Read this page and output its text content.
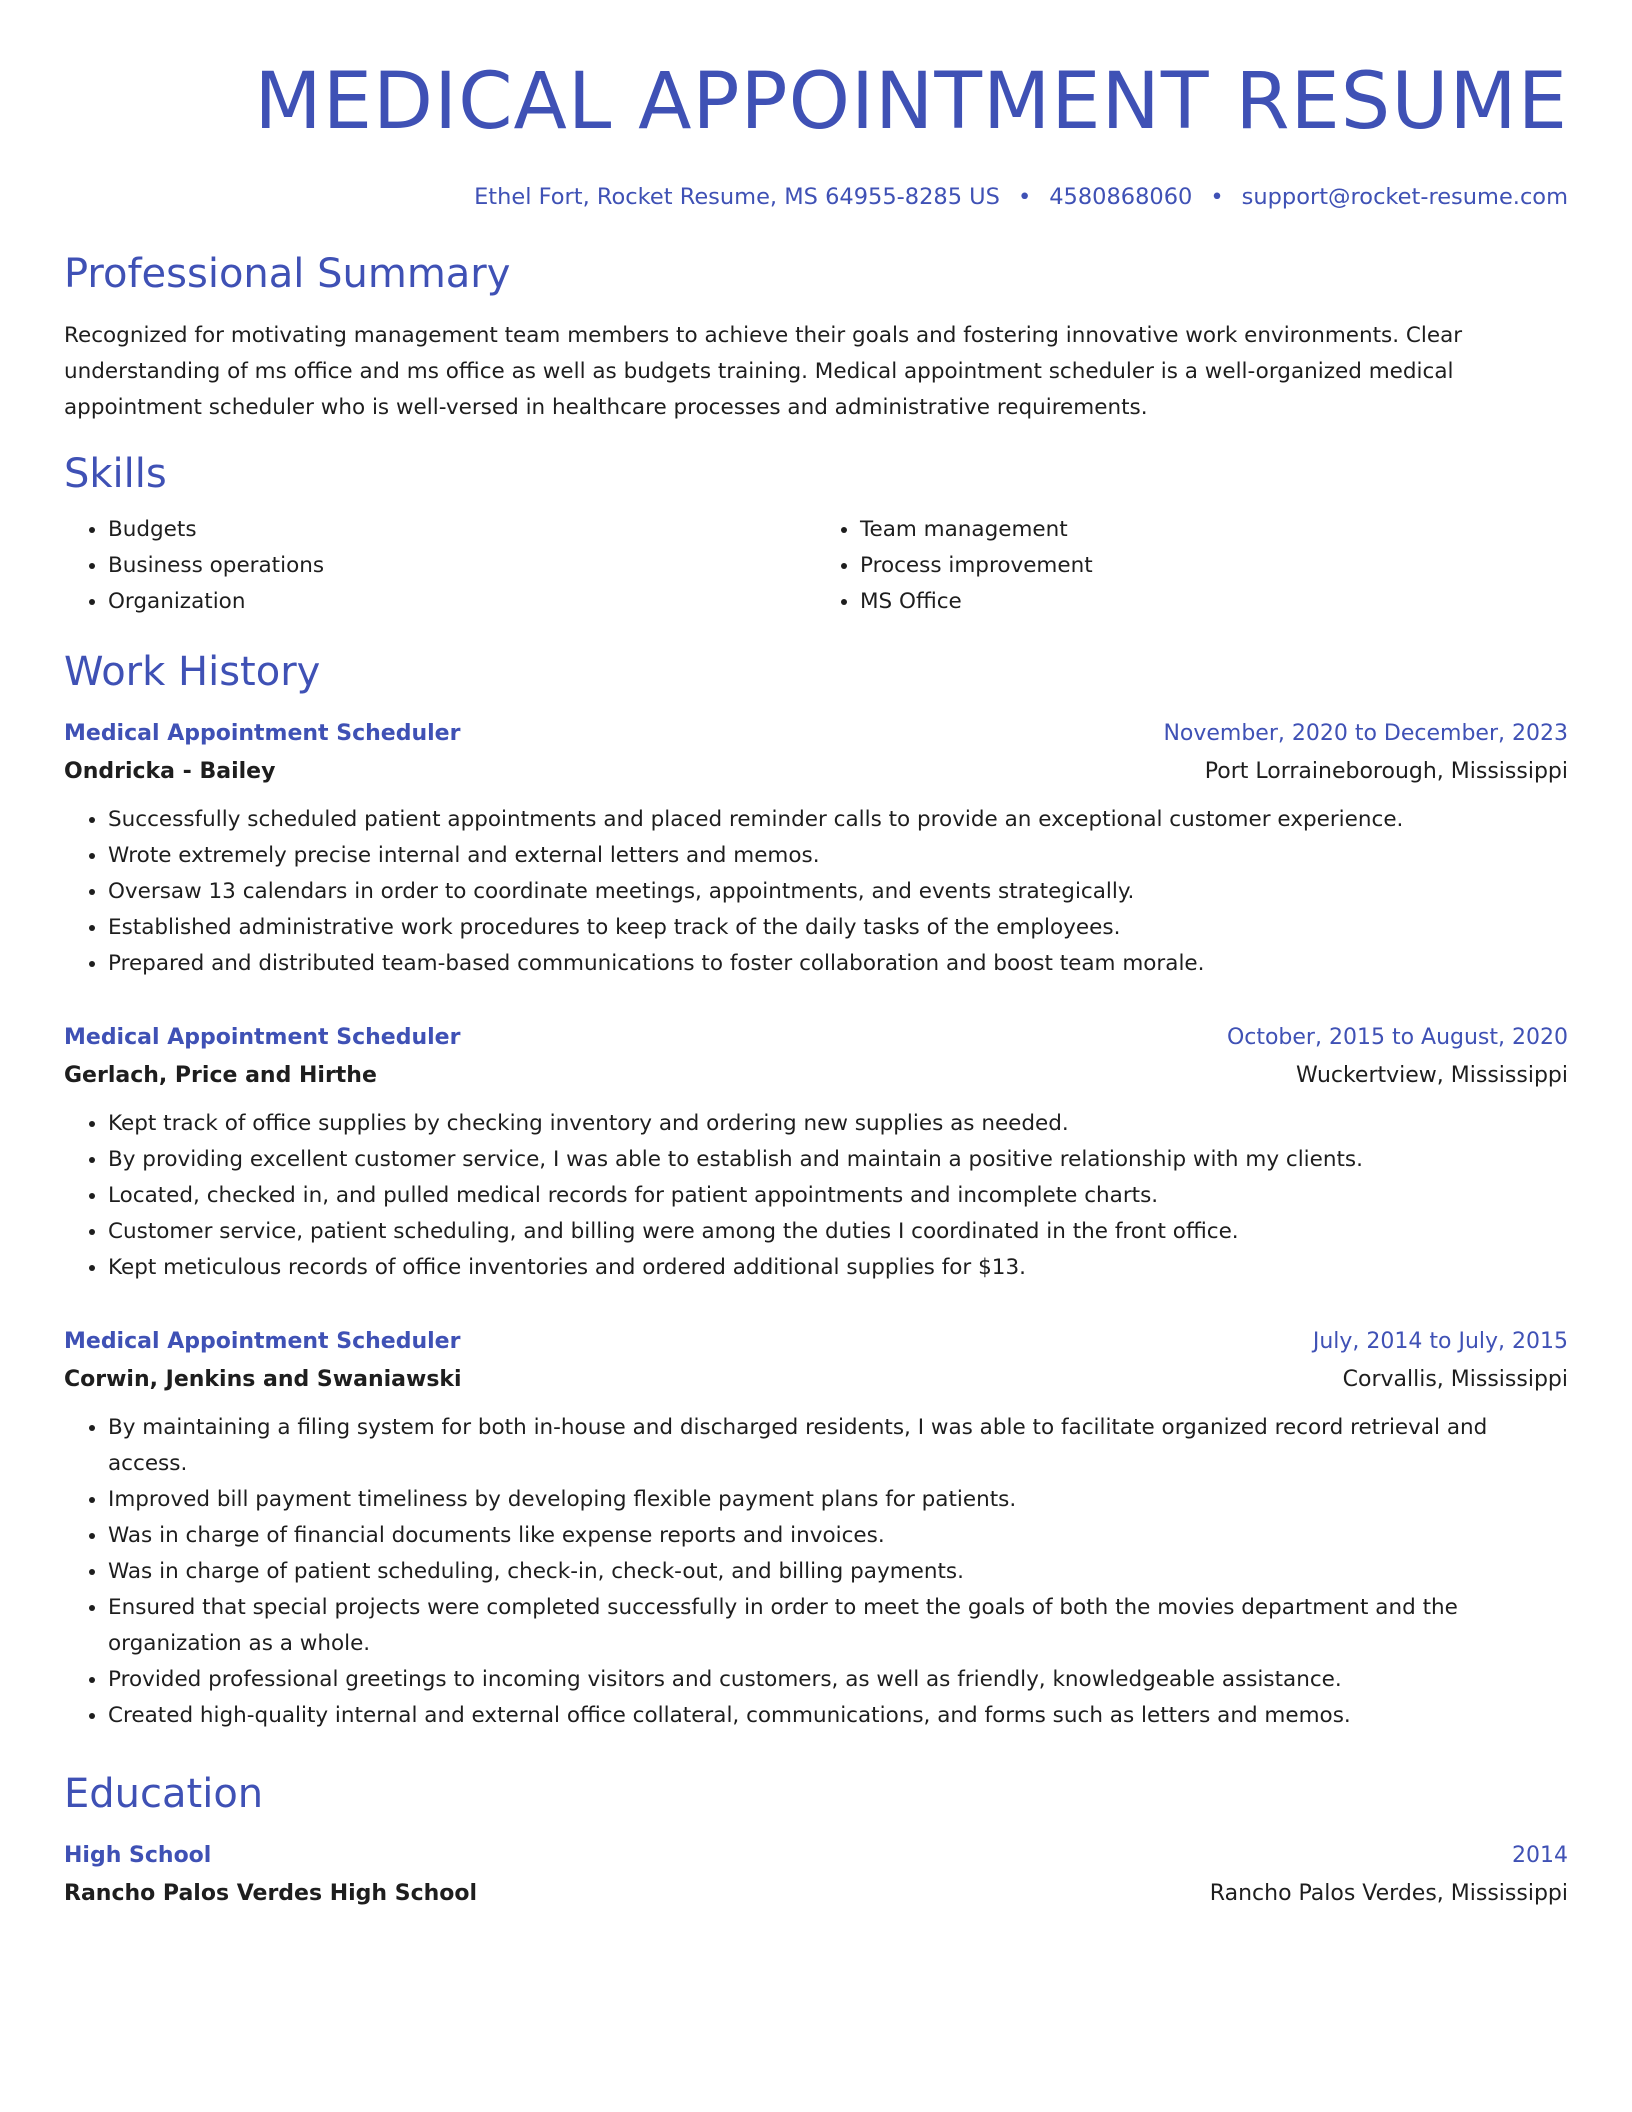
MEDICAL APPOINTMENT RESUME
Ethel Fort, Rocket Resume, MS 64955-8285 US • 4580868060 • support@rocket-resume.com
Professional Summary

Recognized for motivating management team members to achieve their goals and fostering innovative work environments. Clear understanding of ms office and ms office as well as budgets training. Medical appointment scheduler is a well-organized medical appointment scheduler who is well-versed in healthcare processes and administrative requirements.

Skills
• Budgets
• Business operations
• Organization
• Team management
• Process improvement
• MS Office
Work History
Medical Appointment Scheduler	November, 2020 to December, 2023
Ondricka - Bailey	Port Lorraineborough, Mississippi
• Successfully scheduled patient appointments and placed reminder calls to provide an exceptional customer experience.
• Wrote extremely precise internal and external letters and memos.
• Oversaw 13 calendars in order to coordinate meetings, appointments, and events strategically.
• Established administrative work procedures to keep track of the daily tasks of the employees.
• Prepared and distributed team-based communications to foster collaboration and boost team morale.
Medical Appointment Scheduler	October, 2015 to August, 2020
Gerlach, Price and Hirthe	Wuckertview, Mississippi
• Kept track of office supplies by checking inventory and ordering new supplies as needed.
• By providing excellent customer service, I was able to establish and maintain a positive relationship with my clients.
• Located, checked in, and pulled medical records for patient appointments and incomplete charts.
• Customer service, patient scheduling, and billing were among the duties I coordinated in the front office.
• Kept meticulous records of office inventories and ordered additional supplies for $13.
Medical Appointment Scheduler	July, 2014 to July, 2015
Corwin, Jenkins and Swaniawski	Corvallis, Mississippi
• By maintaining a filing system for both in-house and discharged residents, I was able to facilitate organized record retrieval and access.
• Improved bill payment timeliness by developing flexible payment plans for patients.
• Was in charge of financial documents like expense reports and invoices.
• Was in charge of patient scheduling, check-in, check-out, and billing payments.
• Ensured that special projects were completed successfully in order to meet the goals of both the movies department and the organization as a whole.
• Provided professional greetings to incoming visitors and customers, as well as friendly, knowledgeable assistance.
• Created high-quality internal and external office collateral, communications, and forms such as letters and memos.
Education
High School	2014
Rancho Palos Verdes High School	Rancho Palos Verdes, Mississippi
